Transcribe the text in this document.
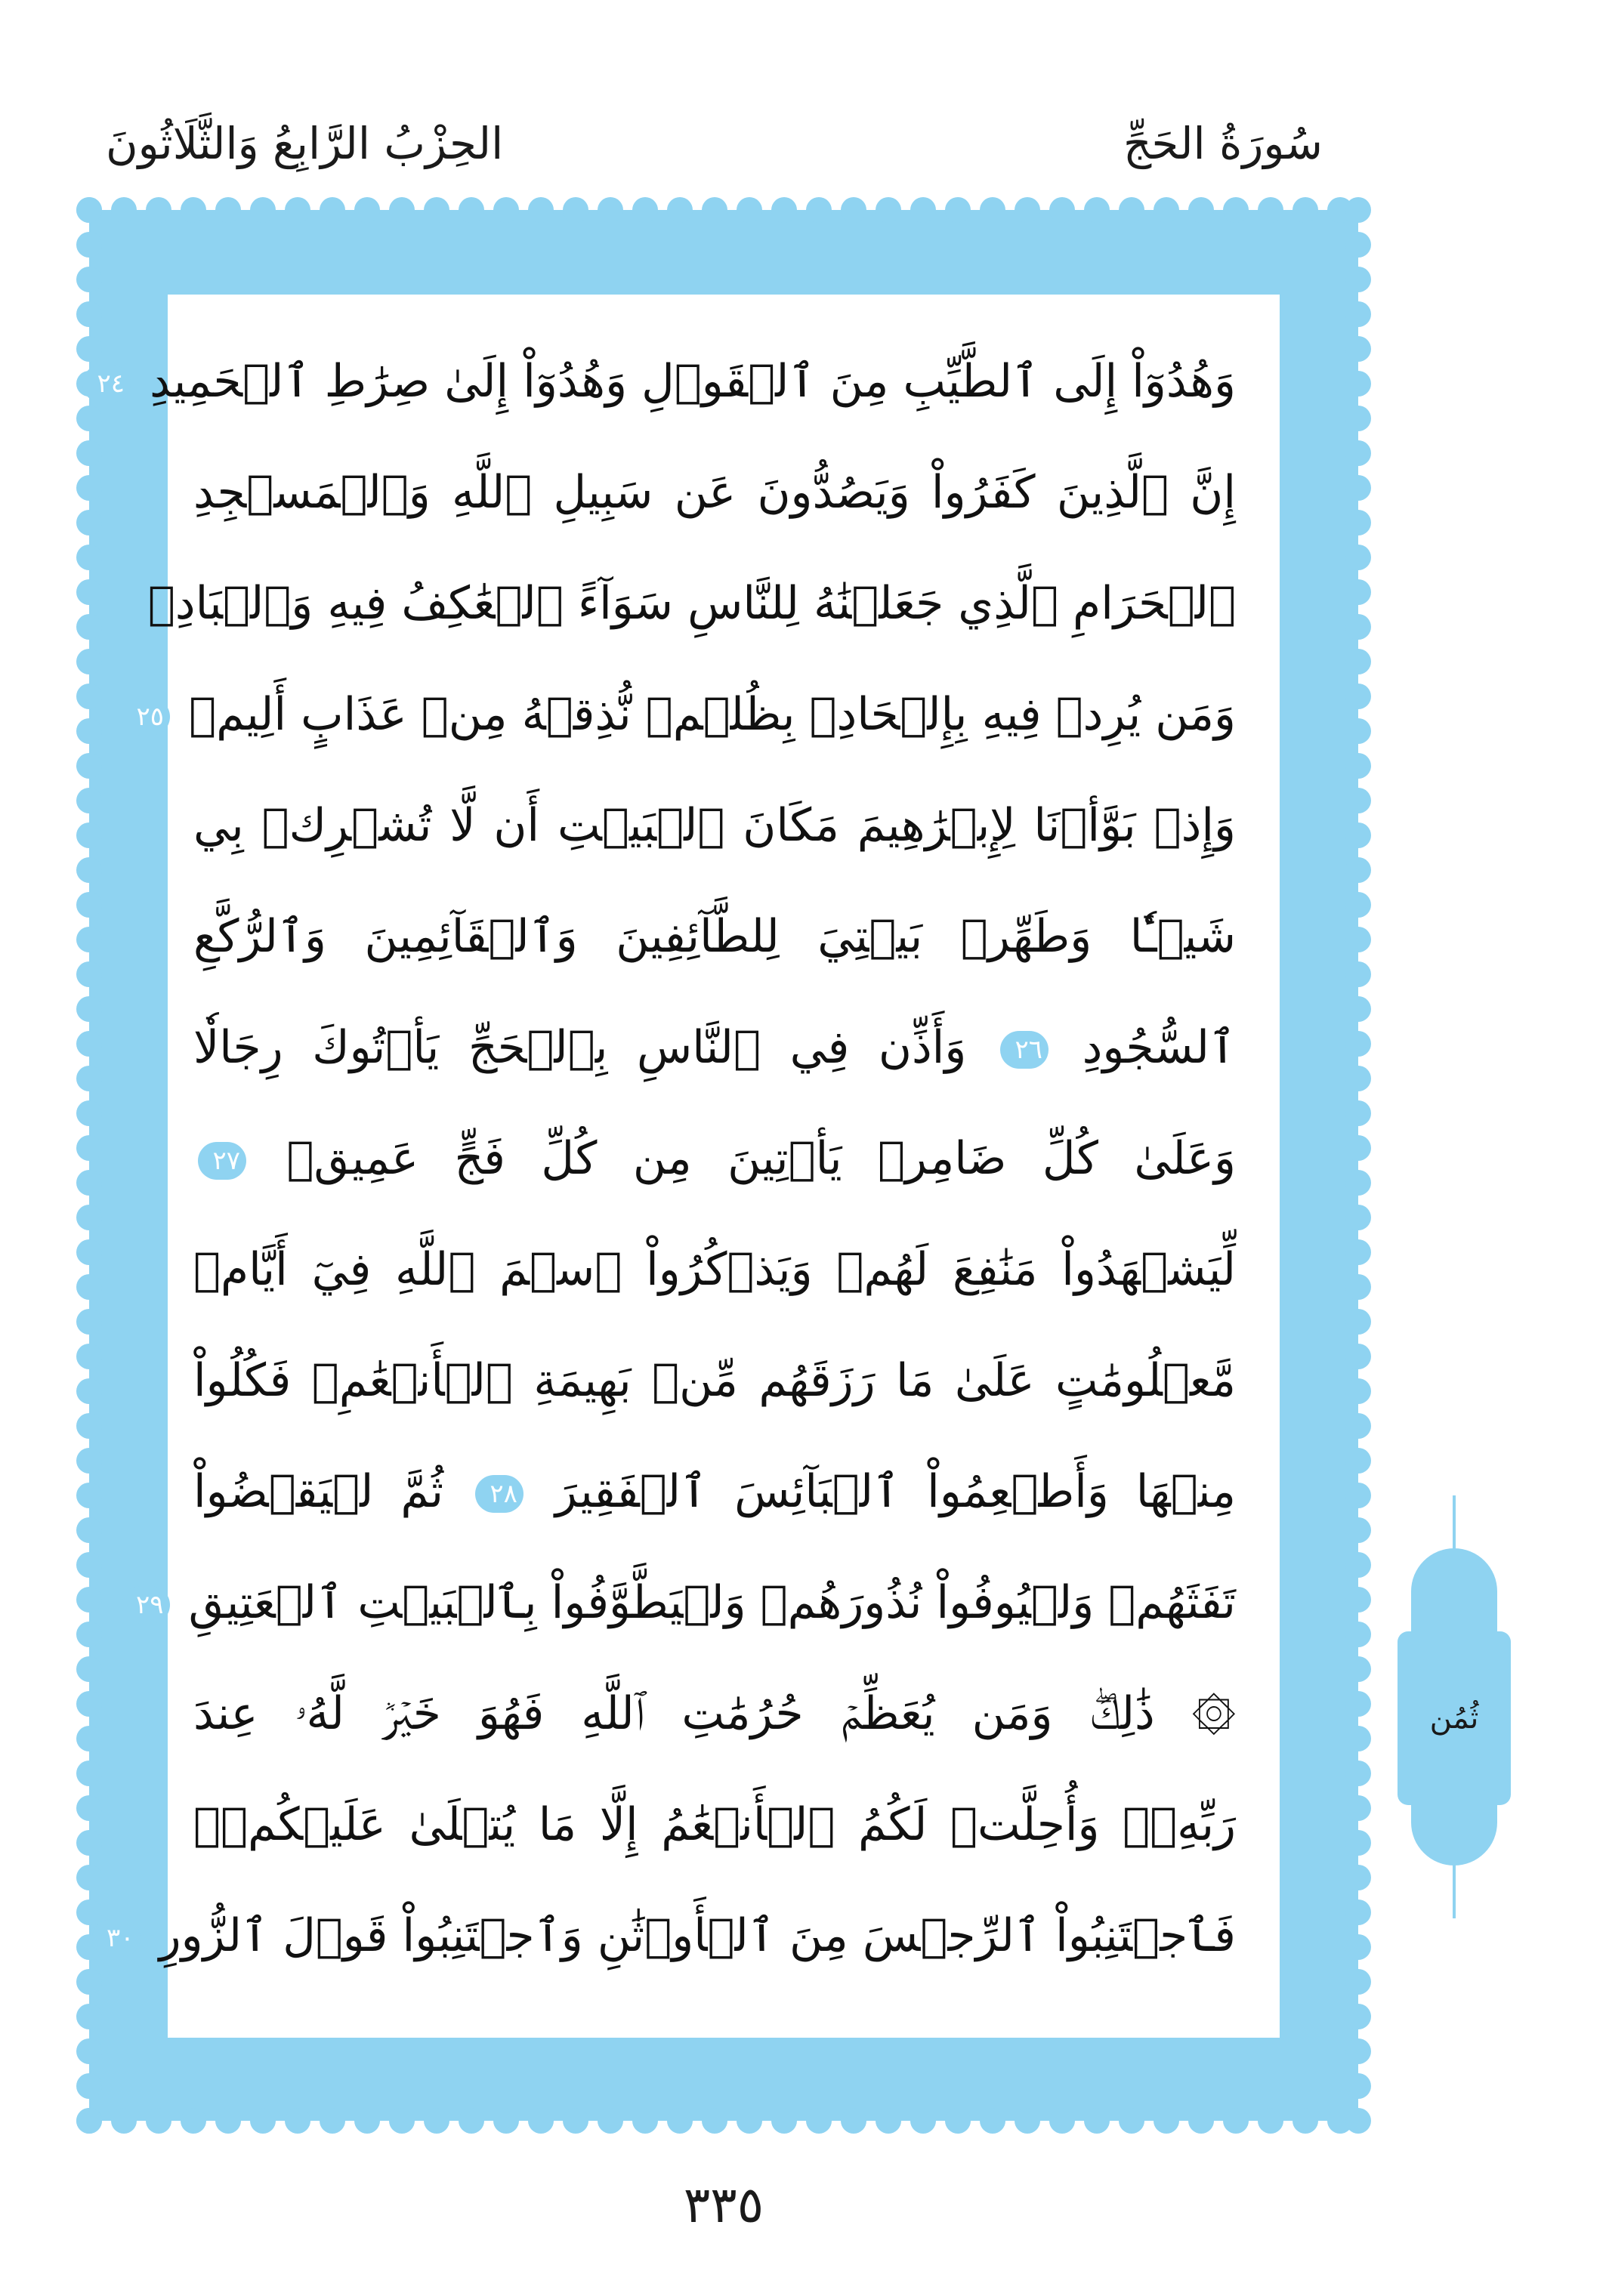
سُورَةُ الحَجِّ
الحِزْبُ الرَّابِعُ وَالثَّلَاثُونَ
وَهُدُوٓاْ إِلَى ٱلطَّيِّبِ مِنَ ٱلۡقَوۡلِ وَهُدُوٓاْ إِلَىٰ صِرَٰطِ ٱلۡحَمِيدِ ٢٤
إِنَّ ٱلَّذِينَ كَفَرُواْ وَيَصُدُّونَ عَن سَبِيلِ ٱللَّهِ وَٱلۡمَسۡجِدِ
ٱلۡحَرَامِ ٱلَّذِي جَعَلۡنَٰهُ لِلنَّاسِ سَوَآءً ٱلۡعَٰكِفُ فِيهِ وَٱلۡبَادِۚ
وَمَن يُرِدۡ فِيهِ بِإِلۡحَادِۭ بِظُلۡمٖ نُّذِقۡهُ مِنۡ عَذَابٍ أَلِيمٖ ٢٥
وَإِذۡ بَوَّأۡنَا لِإِبۡرَٰهِيمَ مَكَانَ ٱلۡبَيۡتِ أَن لَّا تُشۡرِكۡ بِي
شَيۡـٔٗا وَطَهِّرۡ بَيۡتِيَ لِلطَّآئِفِينَ وَٱلۡقَآئِمِينَ وَٱلرُّكَّعِ
ٱلسُّجُودِ ٢٦ وَأَذِّن فِي ٱلنَّاسِ بِٱلۡحَجِّ يَأۡتُوكَ رِجَالٗا
وَعَلَىٰ كُلِّ ضَامِرٖ يَأۡتِينَ مِن كُلِّ فَجٍّ عَمِيقٖ ٢٧
لِّيَشۡهَدُواْ مَنَٰفِعَ لَهُمۡ وَيَذۡكُرُواْ ٱسۡمَ ٱللَّهِ فِيٓ أَيَّامٖ
مَّعۡلُومَٰتٍ عَلَىٰ مَا رَزَقَهُم مِّنۢ بَهِيمَةِ ٱلۡأَنۡعَٰمِۖ فَكُلُواْ
مِنۡهَا وَأَطۡعِمُواْ ٱلۡبَآئِسَ ٱلۡفَقِيرَ ٢٨ ثُمَّ لۡيَقۡضُواْ
تَفَثَهُمۡ وَلۡيُوفُواْ نُذُورَهُمۡ وَلۡيَطَّوَّفُواْ بِٱلۡبَيۡتِ ٱلۡعَتِيقِ ٢٩
۞ ذَٰلِكَۖ وَمَن يُعَظِّمۡ حُرُمَٰتِ ٱللَّهِ فَهُوَ خَيۡرٞ لَّهُۥ عِندَ
رَبِّهِۦۗ وَأُحِلَّتۡ لَكُمُ ٱلۡأَنۡعَٰمُ إِلَّا مَا يُتۡلَىٰ عَلَيۡكُمۡۖ
فَٱجۡتَنِبُواْ ٱلرِّجۡسَ مِنَ ٱلۡأَوۡثَٰنِ وَٱجۡتَنِبُواْ قَوۡلَ ٱلزُّورِ ٣٠
ثُمُن
٣٣٥
